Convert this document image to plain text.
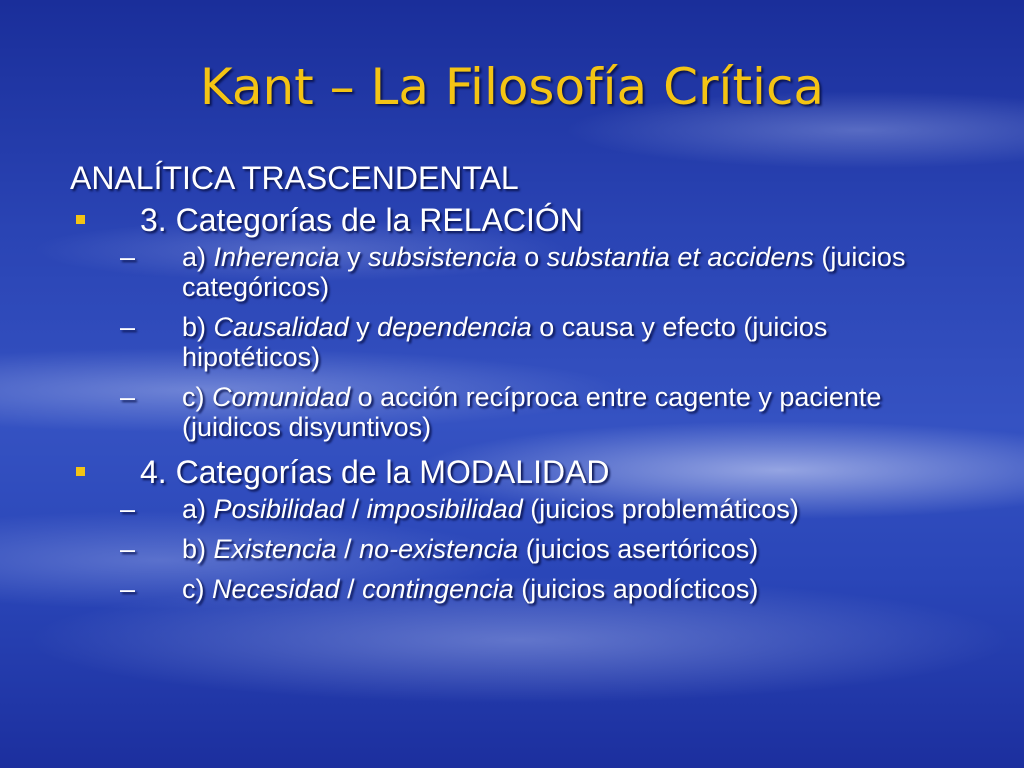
Kant – La Filosofía Crítica
ANALÍTICA TRASCENDENTAL
3. Categorías de la RELACIÓN
– a) Inherencia y subsistencia o substantia et accidens (juicios categóricos)
– b) Causalidad y dependencia o causa y efecto (juicios hipotéticos)
– c) Comunidad o acción recíproca entre cagente y paciente (juidicos disyuntivos)
4. Categorías de la MODALIDAD
– a) Posibilidad / imposibilidad (juicios problemáticos)
– b) Existencia / no-existencia (juicios asertóricos)
– c) Necesidad / contingencia (juicios apodícticos)
